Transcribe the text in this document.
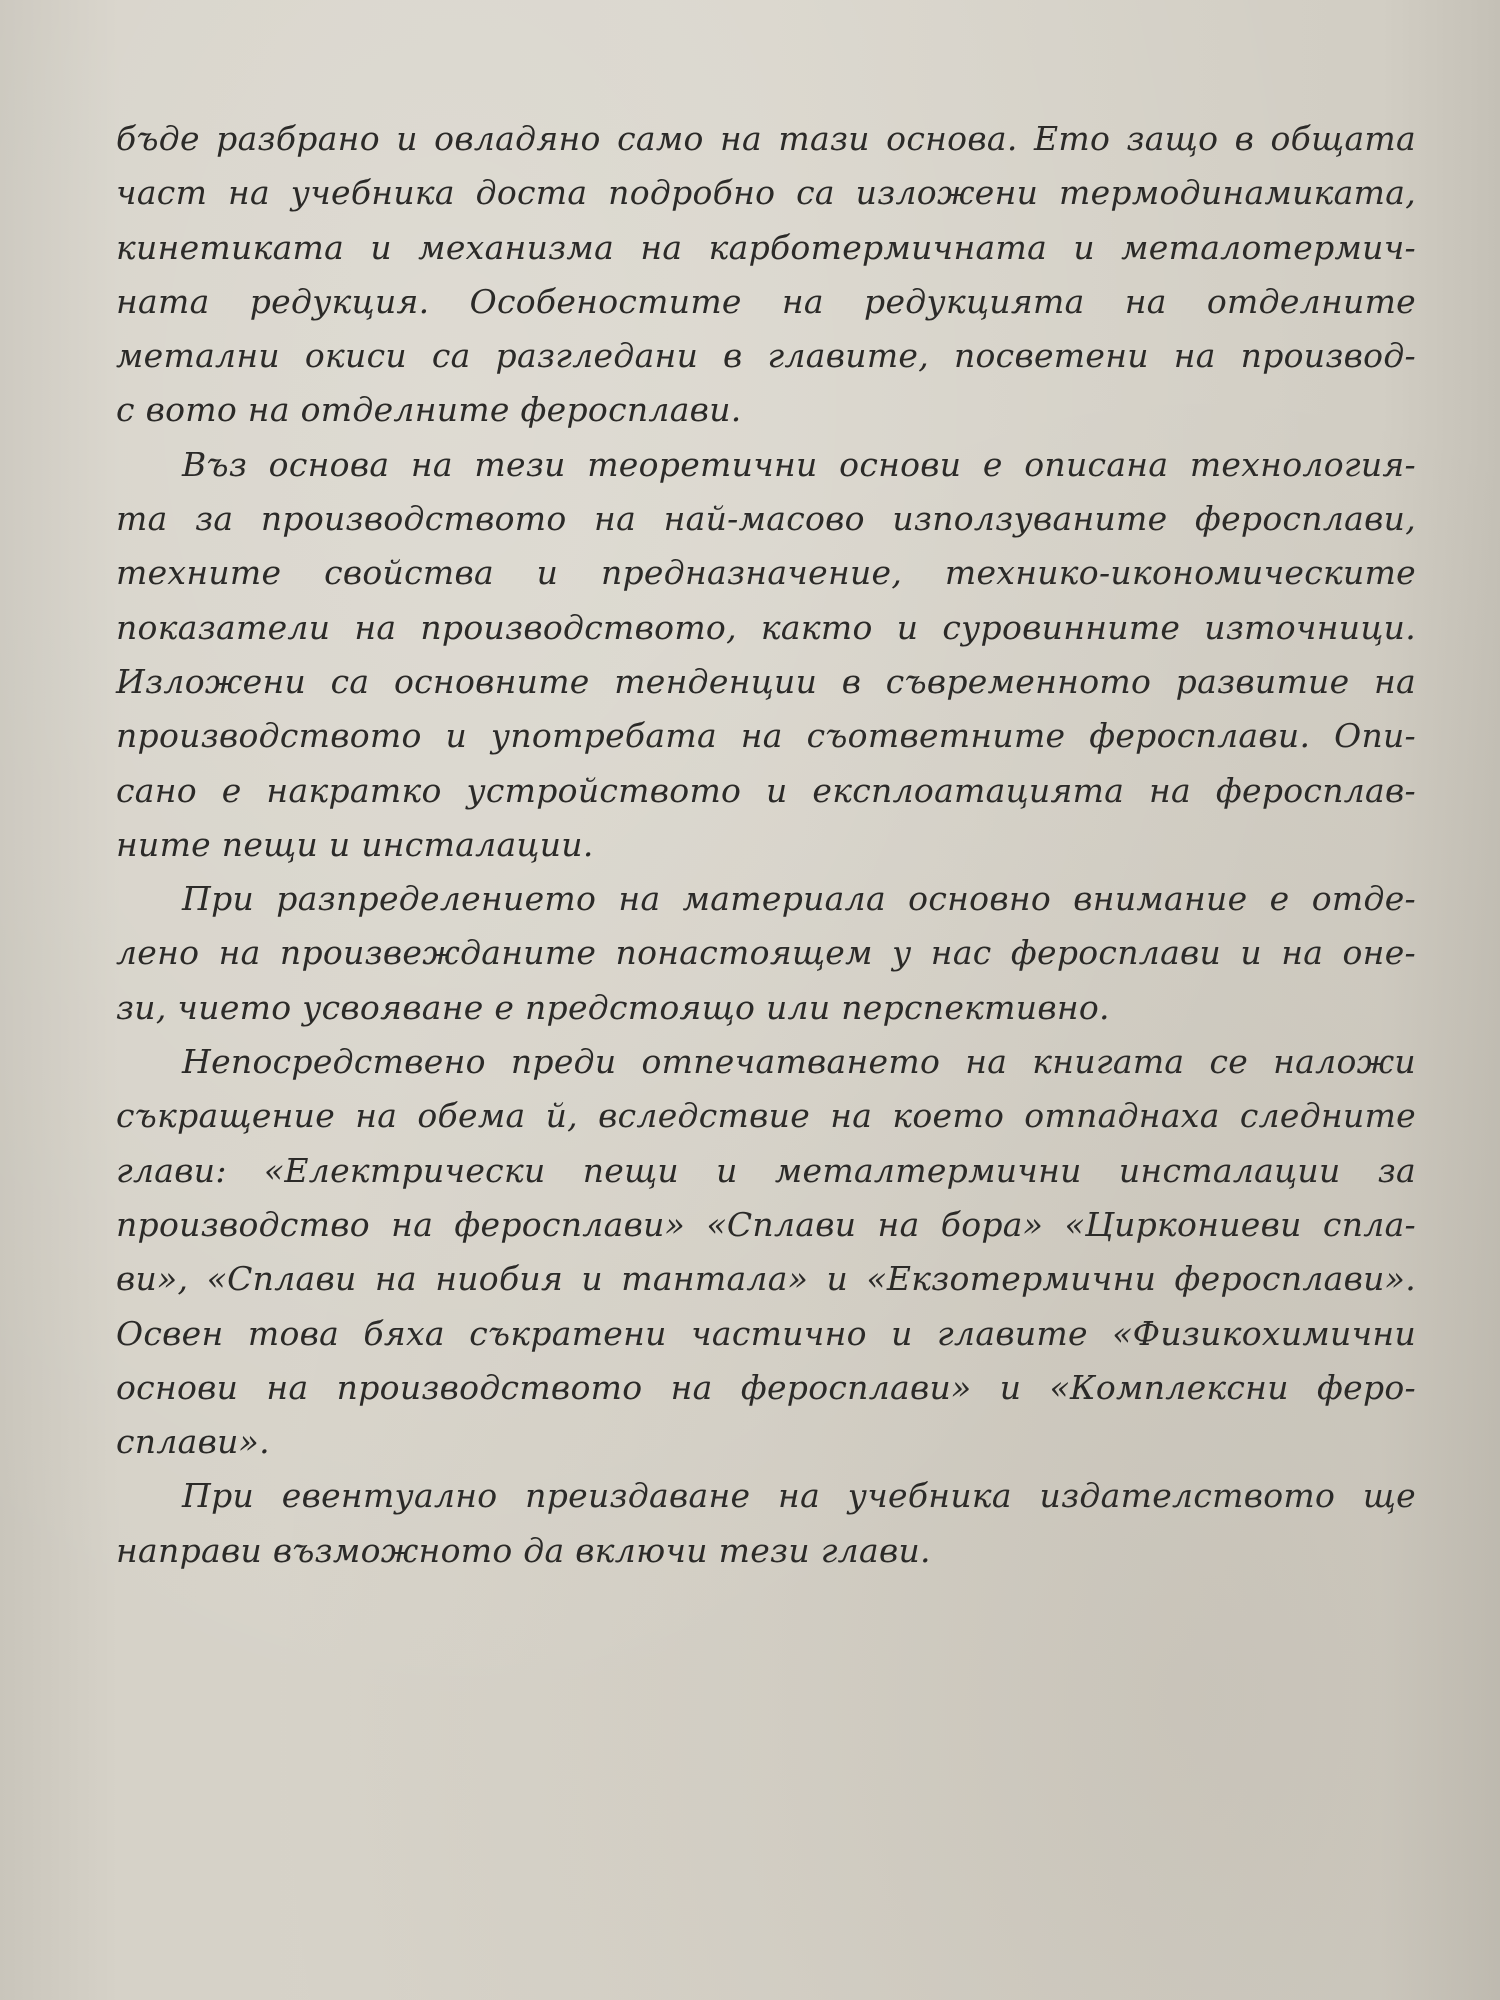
бъде разбрано и овладяно само на тази основа. Ето защо в общата
част на учебника доста подробно са изложени термодинамиката,
кинетиката и механизма на карботермичната и металотермич-
ната редукция. Особеностите на редукцията на отделните
метални окиси са разгледани в главите, посветени на производ-
с вото на отделните феросплави.
Въз основа на тези теоретични основи е описана технология-
та за производството на най-масово използуваните феросплави,
техните свойства и предназначение, технико-икономическите
показатели на производството, както и суровинните източници.
Изложени са основните тенденции в съвременното развитие на
производството и употребата на съответните феросплави. Опи-
сано е накратко устройството и експлоатацията на феросплав-
ните пещи и инсталации.
При разпределението на материала основно внимание е отде-
лено на произвежданите понастоящем у нас феросплави и на оне-
зи, чието усвояване е предстоящо или перспективно.
Непосредствено преди отпечатването на книгата се наложи
съкращение на обема й, вследствие на което отпаднаха следните
глави: «Електрически пещи и металтермични инсталации за
производство на феросплави» «Сплави на бора» «Циркониеви спла-
ви», «Сплави на ниобия и тантала» и «Екзотермични феросплави».
Освен това бяха съкратени частично и главите «Физикохимични
основи на производството на феросплави» и «Комплексни феро-
сплави».
При евентуално преиздаване на учебника издателството ще
направи възможното да включи тези глави.
